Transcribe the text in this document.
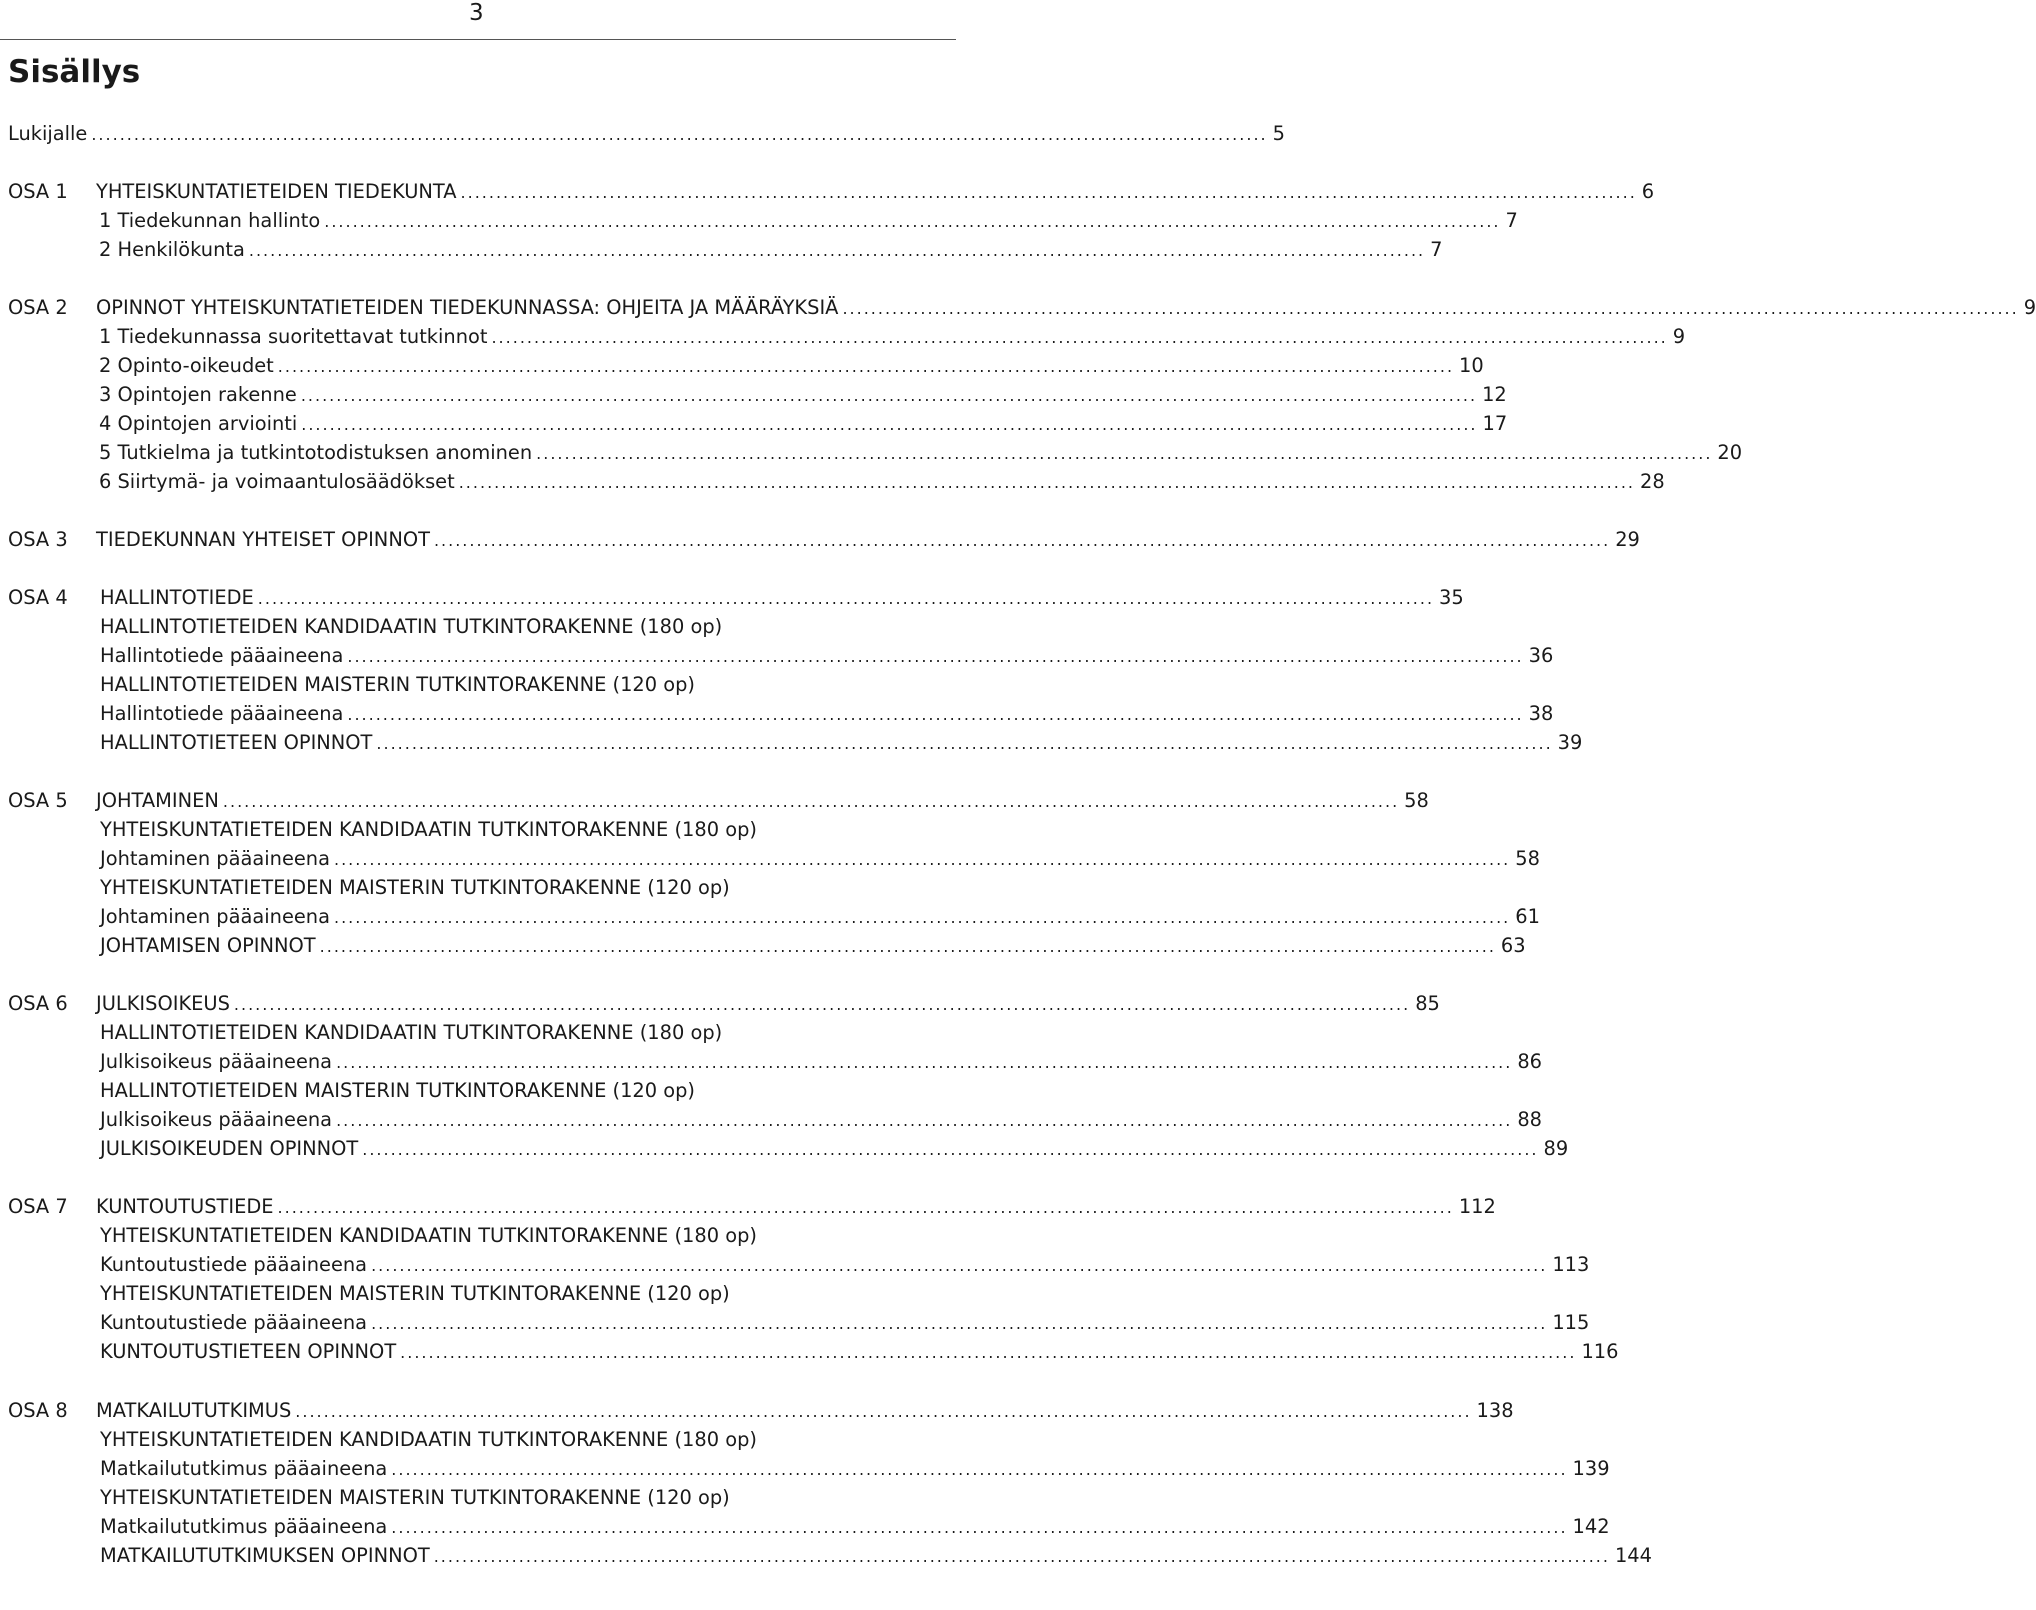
3
Sisällys
Lukijalle ...................................................................................................................................................................... 5
OSA 1 YHTEISKUNTATIETEIDEN TIEDEKUNTA ...................................................................................................................................................................... 6
1 Tiedekunnan hallinto ...................................................................................................................................................................... 7
2 Henkilökunta ...................................................................................................................................................................... 7
OSA 2 OPINNOT YHTEISKUNTATIETEIDEN TIEDEKUNNASSA: OHJEITA JA MÄÄRÄYKSIÄ ...................................................................................................................................................................... 9
1 Tiedekunnassa suoritettavat tutkinnot ...................................................................................................................................................................... 9
2 Opinto-oikeudet ...................................................................................................................................................................... 10
3 Opintojen rakenne ...................................................................................................................................................................... 12
4 Opintojen arviointi ...................................................................................................................................................................... 17
5 Tutkielma ja tutkintotodistuksen anominen ...................................................................................................................................................................... 20
6 Siirtymä- ja voimaantulosäädökset ...................................................................................................................................................................... 28
OSA 3 TIEDEKUNNAN YHTEISET OPINNOT ...................................................................................................................................................................... 29
OSA 4 HALLINTOTIEDE ...................................................................................................................................................................... 35
HALLINTOTIETEIDEN KANDIDAATIN TUTKINTORAKENNE (180 op)
Hallintotiede pääaineena ...................................................................................................................................................................... 36
HALLINTOTIETEIDEN MAISTERIN TUTKINTORAKENNE (120 op)
Hallintotiede pääaineena ...................................................................................................................................................................... 38
HALLINTOTIETEEN OPINNOT ...................................................................................................................................................................... 39
OSA 5 JOHTAMINEN ...................................................................................................................................................................... 58
YHTEISKUNTATIETEIDEN KANDIDAATIN TUTKINTORAKENNE (180 op)
Johtaminen pääaineena ...................................................................................................................................................................... 58
YHTEISKUNTATIETEIDEN MAISTERIN TUTKINTORAKENNE (120 op)
Johtaminen pääaineena ...................................................................................................................................................................... 61
JOHTAMISEN OPINNOT ...................................................................................................................................................................... 63
OSA 6 JULKISOIKEUS ...................................................................................................................................................................... 85
HALLINTOTIETEIDEN KANDIDAATIN TUTKINTORAKENNE (180 op)
Julkisoikeus pääaineena ...................................................................................................................................................................... 86
HALLINTOTIETEIDEN MAISTERIN TUTKINTORAKENNE (120 op)
Julkisoikeus pääaineena ...................................................................................................................................................................... 88
JULKISOIKEUDEN OPINNOT ...................................................................................................................................................................... 89
OSA 7 KUNTOUTUSTIEDE ...................................................................................................................................................................... 112
YHTEISKUNTATIETEIDEN KANDIDAATIN TUTKINTORAKENNE (180 op)
Kuntoutustiede pääaineena ...................................................................................................................................................................... 113
YHTEISKUNTATIETEIDEN MAISTERIN TUTKINTORAKENNE (120 op)
Kuntoutustiede pääaineena ...................................................................................................................................................................... 115
KUNTOUTUSTIETEEN OPINNOT ...................................................................................................................................................................... 116
OSA 8 MATKAILUTUTKIMUS ...................................................................................................................................................................... 138
YHTEISKUNTATIETEIDEN KANDIDAATIN TUTKINTORAKENNE (180 op)
Matkailututkimus pääaineena ...................................................................................................................................................................... 139
YHTEISKUNTATIETEIDEN MAISTERIN TUTKINTORAKENNE (120 op)
Matkailututkimus pääaineena ...................................................................................................................................................................... 142
MATKAILUTUTKIMUKSEN OPINNOT ...................................................................................................................................................................... 144
